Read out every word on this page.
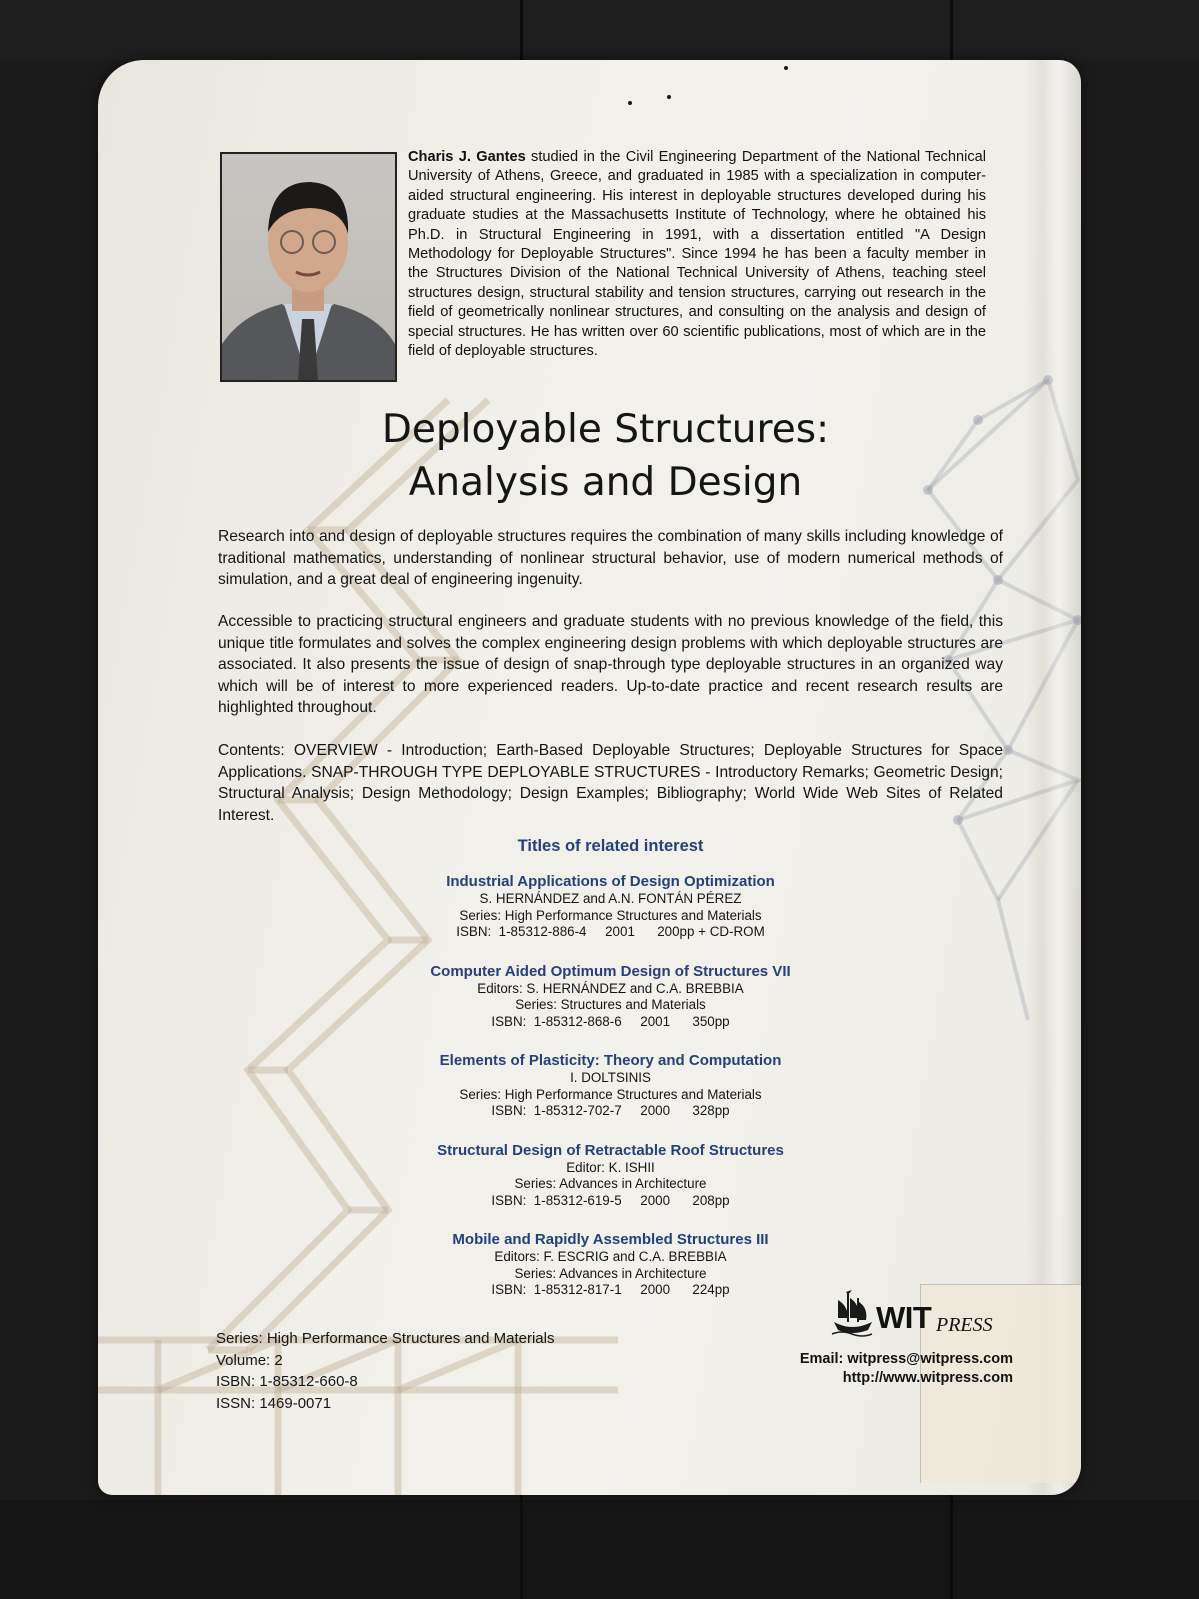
Charis J. Gantes studied in the Civil Engineering Department of the National Technical University of Athens, Greece, and graduated in 1985 with a specialization in computer-aided structural engineering. His interest in deployable structures developed during his graduate studies at the Massachusetts Institute of Technology, where he obtained his Ph.D. in Structural Engineering in 1991, with a dissertation entitled "A Design Methodology for Deployable Structures". Since 1994 he has been a faculty member in the Structures Division of the National Technical University of Athens, teaching steel structures design, structural stability and tension structures, carrying out research in the field of geometrically nonlinear structures, and consulting on the analysis and design of special structures. He has written over 60 scientific publications, most of which are in the field of deployable structures.
Deployable Structures:
Analysis and Design
Research into and design of deployable structures requires the combination of many skills including knowledge of traditional mathematics, understanding of nonlinear structural behavior, use of modern numerical methods of simulation, and a great deal of engineering ingenuity.
Accessible to practicing structural engineers and graduate students with no previous knowledge of the field, this unique title formulates and solves the complex engineering design problems with which deployable structures are associated. It also presents the issue of design of snap-through type deployable structures in an organized way which will be of interest to more experienced readers. Up-to-date practice and recent research results are highlighted throughout.
Contents: OVERVIEW - Introduction; Earth-Based Deployable Structures; Deployable Structures for Space Applications. SNAP-THROUGH TYPE DEPLOYABLE STRUCTURES - Introductory Remarks; Geometric Design; Structural Analysis; Design Methodology; Design Examples; Bibliography; World Wide Web Sites of Related Interest.
Titles of related interest
Industrial Applications of Design Optimization
S. HERNÁNDEZ and A.N. FONTÁN PÉREZ
Series: High Performance Structures and Materials
ISBN:  1-85312-886-4     2001      200pp + CD-ROM
Computer Aided Optimum Design of Structures VII
Editors: S. HERNÁNDEZ and C.A. BREBBIA
Series: Structures and Materials
ISBN:  1-85312-868-6     2001      350pp
Elements of Plasticity: Theory and Computation
I. DOLTSINIS
Series: High Performance Structures and Materials
ISBN:  1-85312-702-7     2000      328pp
Structural Design of Retractable Roof Structures
Editor: K. ISHII
Series: Advances in Architecture
ISBN:  1-85312-619-5     2000      208pp
Mobile and Rapidly Assembled Structures III
Editors: F. ESCRIG and C.A. BREBBIA
Series: Advances in Architecture
ISBN:  1-85312-817-1     2000      224pp
Series: High Performance Structures and Materials
Volume: 2
ISBN: 1-85312-660-8
ISSN: 1469-0071
WIT PRESS
Email: witpress@witpress.com
http://www.witpress.com
